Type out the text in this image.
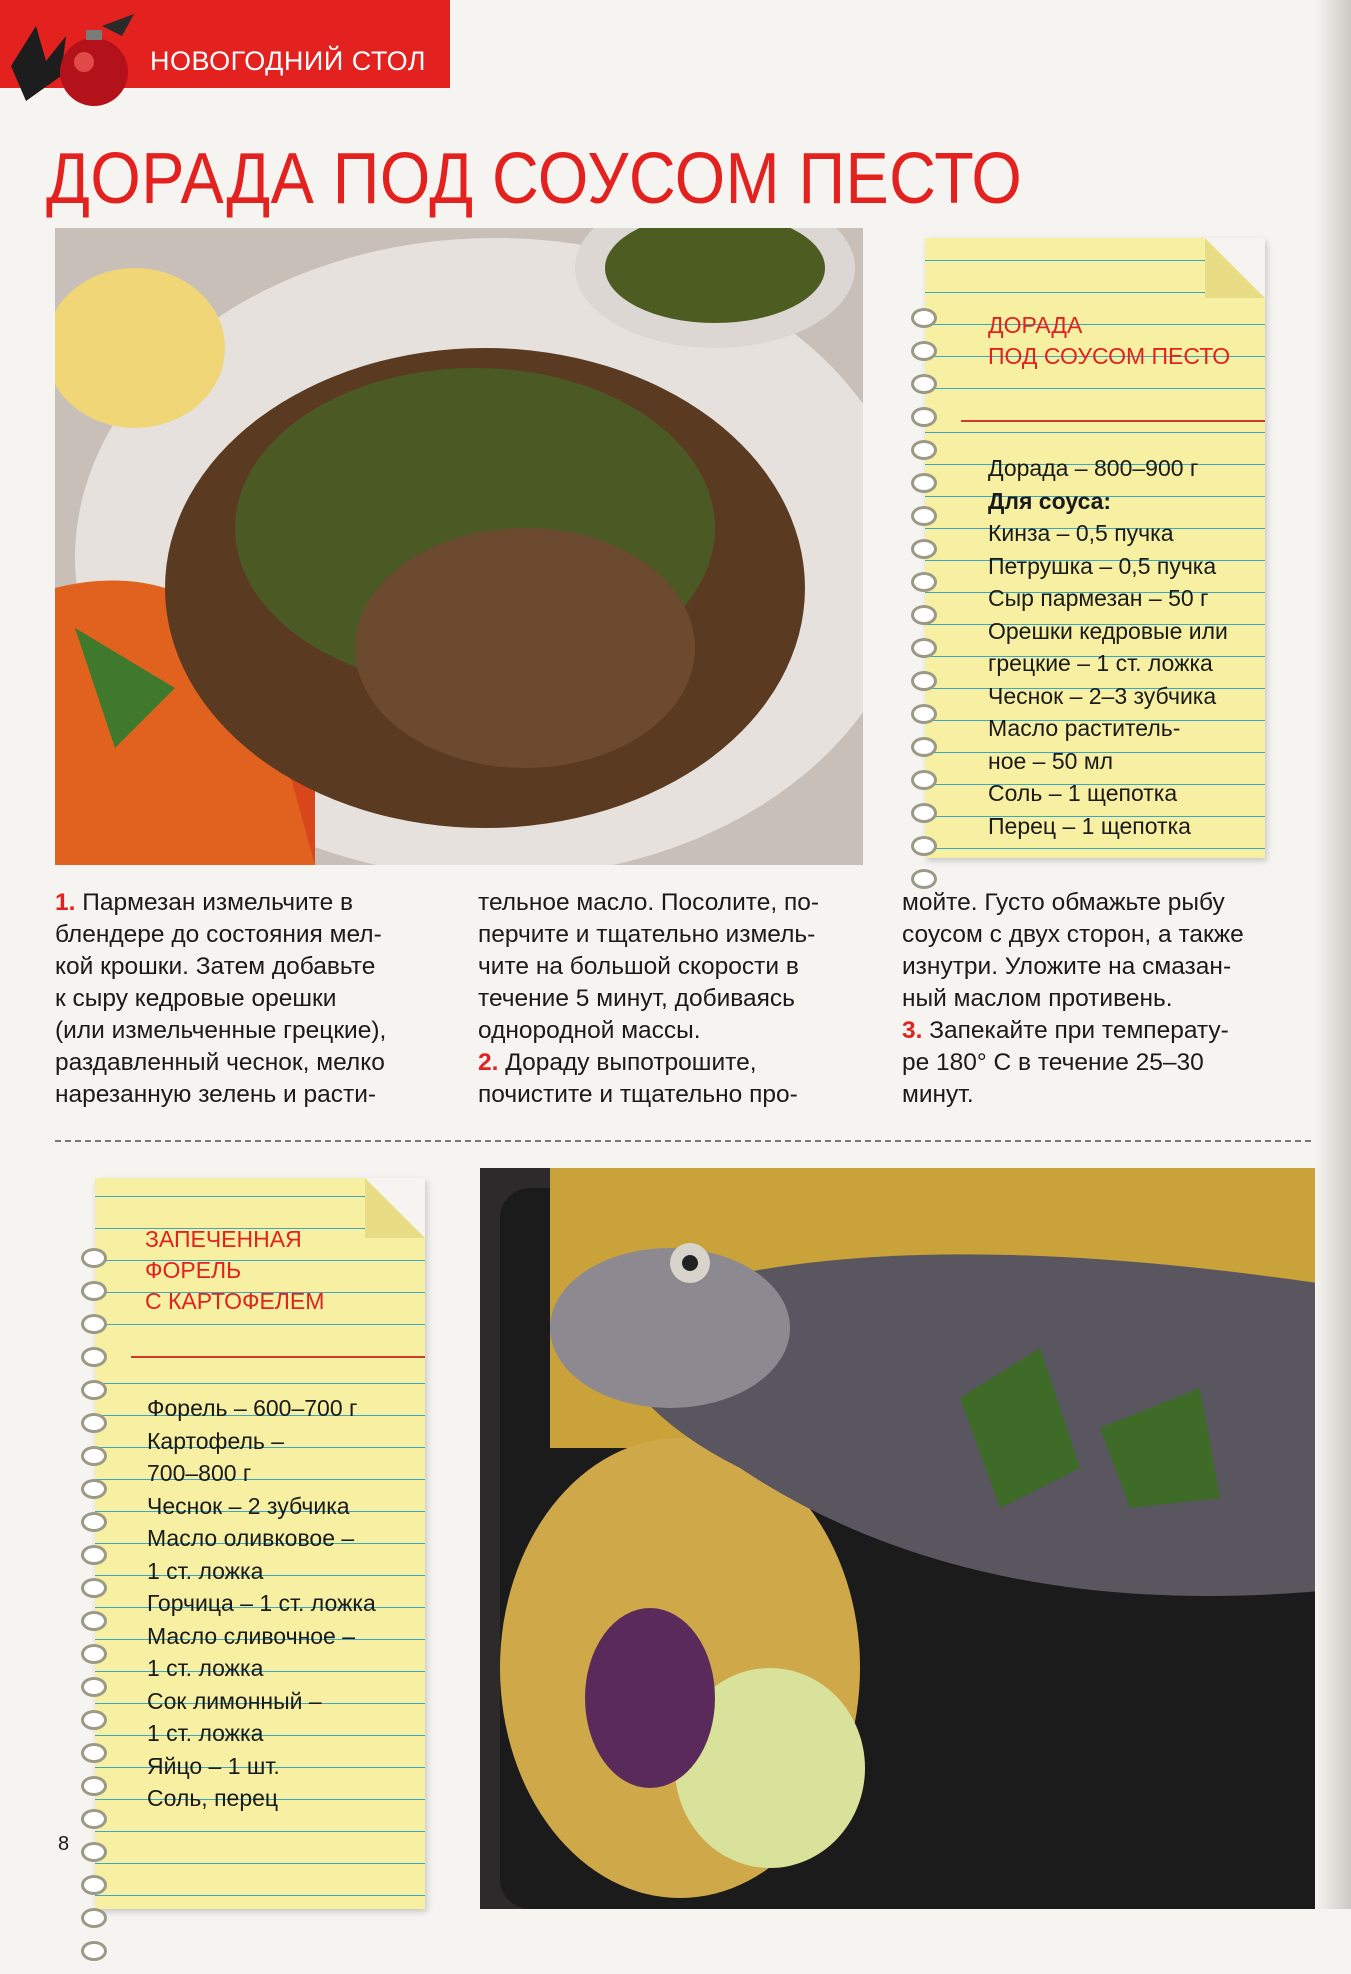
НОВОГОДНИЙ СТОЛ
ДОРАДА ПОД СОУСОМ ПЕСТО
ДОРАДА
ПОД СОУСОМ ПЕСТО
Дорада – 800–900 г
Для соуса:
Кинза – 0,5 пучка
Петрушка – 0,5 пучка
Сыр пармезан – 50 г
Орешки кедровые или
грецкие – 1 ст. ложка
Чеснок – 2–3 зубчика
Масло раститель-
ное – 50 мл
Соль – 1 щепотка
Перец – 1 щепотка

1. Пармезан измельчите в

блендере до состояния мел-

кой крошки. Затем добавьте

к сыру кедровые орешки

(или измельченные грецкие),

раздавленный чеснок, мелко

нарезанную зелень и расти-

тельное масло. Посолите, по-

перчите и тщательно измель-

чите на большой скорости в

течение 5 минут, добиваясь

однородной массы.

2. Дораду выпотрошите,

почистите и тщательно про-

мойте. Густо обмажьте рыбу

соусом с двух сторон, а также

изнутри. Уложите на смазан-

ный маслом противень.

3. Запекайте при температу-

ре 180° С в течение 25–30

минут.

ЗАПЕЧЕННАЯ
ФОРЕЛЬ
С КАРТОФЕЛЕМ
Форель – 600–700 г
Картофель –
700–800 г
Чеснок – 2 зубчика
Масло оливковое –
1 ст. ложка
Горчица – 1 ст. ложка
Масло сливочное –
1 ст. ложка
Сок лимонный –
1 ст. ложка
Яйцо – 1 шт.
Соль, перец
8
